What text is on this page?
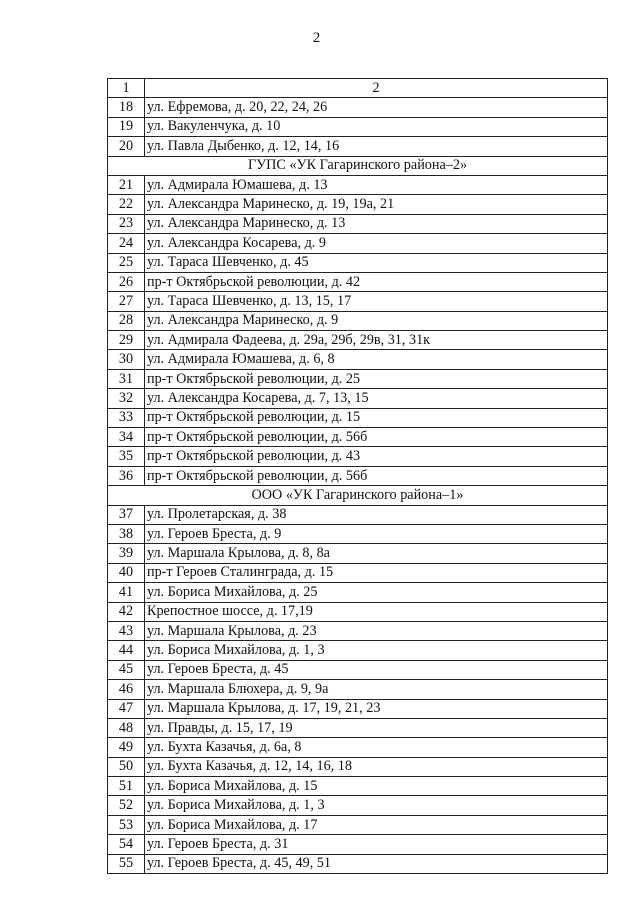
2
1	2
18	ул. Ефремова, д. 20, 22, 24, 26
19	ул. Вакуленчука, д. 10
20	ул. Павла Дыбенко, д. 12, 14, 16
ГУПС «УК Гагаринского района–2»	
21	ул. Адмирала Юмашева, д. 13
22	ул. Александра Маринеско, д. 19, 19а, 21
23	ул. Александра Маринеско, д. 13
24	ул. Александра Косарева, д. 9
25	ул. Тараса Шевченко, д. 45
26	пр-т Октябрьской революции, д. 42
27	ул. Тараса Шевченко, д. 13, 15, 17
28	ул. Александра Маринеско, д. 9
29	ул. Адмирала Фадеева, д. 29а, 29б, 29в, 31, 31к
30	ул. Адмирала Юмашева, д. 6, 8
31	пр-т Октябрьской революции, д. 25
32	ул. Александра Косарева, д. 7, 13, 15
33	пр-т Октябрьской революции, д. 15
34	пр-т Октябрьской революции, д. 56б
35	пр-т Октябрьской революции, д. 43
36	пр-т Октябрьской революции, д. 56б
ООО «УК Гагаринского района–1»	
37	ул. Пролетарская, д. 38
38	ул. Героев Бреста, д. 9
39	ул. Маршала Крылова, д. 8, 8а
40	пр-т Героев Сталинграда, д. 15
41	ул. Бориса Михайлова, д. 25
42	Крепостное шоссе, д. 17,19
43	ул. Маршала Крылова, д. 23
44	ул. Бориса Михайлова, д. 1, 3
45	ул. Героев Бреста, д. 45
46	ул. Маршала Блюхера, д. 9, 9а
47	ул. Маршала Крылова, д. 17, 19, 21, 23
48	ул. Правды, д. 15, 17, 19
49	ул. Бухта Казачья, д. 6а, 8
50	ул. Бухта Казачья, д. 12, 14, 16, 18
51	ул. Бориса Михайлова, д. 15
52	ул. Бориса Михайлова, д. 1, 3
53	ул. Бориса Михайлова, д. 17
54	ул. Героев Бреста, д. 31
55	ул. Героев Бреста, д. 45, 49, 51
